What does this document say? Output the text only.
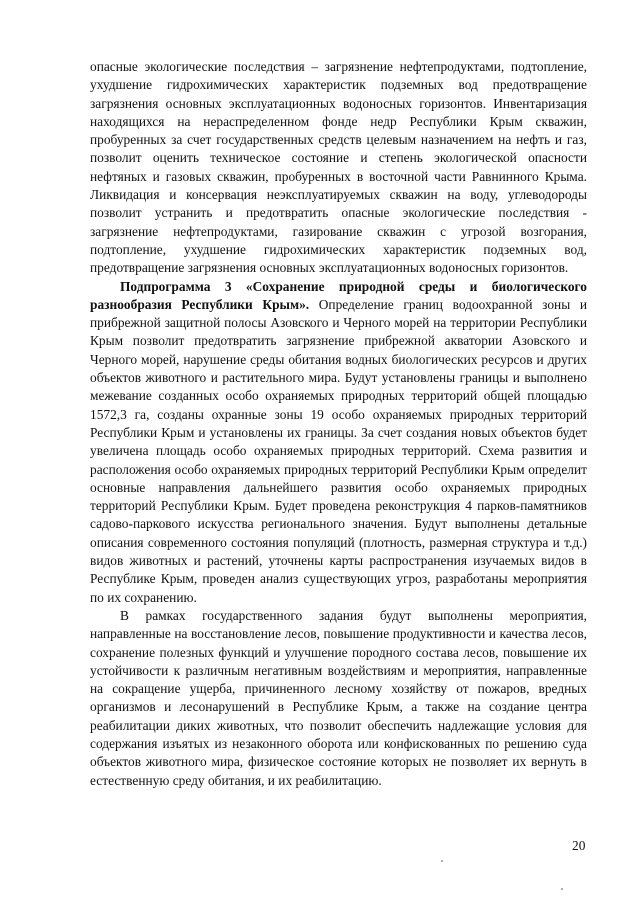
опасные экологические последствия – загрязнение нефтепродуктами, подтопление, ухудшение гидрохимических характеристик подземных вод предотвращение загрязнения основных эксплуатационных водоносных горизонтов. Инвентаризация находящихся на нераспределенном фонде недр Республики Крым скважин, пробуренных за счет государственных средств целевым назначением на нефть и газ, позволит оценить техническое состояние и степень экологической опасности нефтяных и газовых скважин, пробуренных в восточной части Равнинного Крыма. Ликвидация и консервация неэксплуатируемых скважин на воду, углеводороды позволит устранить и предотвратить опасные экологические последствия - загрязнение нефтепродуктами, газирование скважин с угрозой возгорания, подтопление, ухудшение гидрохимических характеристик подземных вод, предотвращение загрязнения основных эксплуатационных водоносных горизонтов.

Подпрограмма 3 «Сохранение природной среды и биологического разнообразия Республики Крым». Определение границ водоохранной зоны и прибрежной защитной полосы Азовского и Черного морей на территории Республики Крым позволит предотвратить загрязнение прибрежной акватории Азовского и Черного морей, нарушение среды обитания водных биологических ресурсов и других объектов животного и растительного мира. Будут установлены границы и выполнено межевание созданных особо охраняемых природных территорий общей площадью 1572,3 га, созданы охранные зоны 19 особо охраняемых природных территорий Республики Крым и установлены их границы. За счет создания новых объектов будет увеличена площадь особо охраняемых природных территорий. Схема развития и расположения особо охраняемых природных территорий Республики Крым определит основные направления дальнейшего развития особо охраняемых природных территорий Республики Крым. Будет проведена реконструкция 4 парков-памятников садово-паркового искусства регионального значения. Будут выполнены детальные описания современного состояния популяций (плотность, размерная структура и т.д.) видов животных и растений, уточнены карты распространения изучаемых видов в Республике Крым, проведен анализ существующих угроз, разработаны мероприятия по их сохранению.

В рамках государственного задания будут выполнены мероприятия, направленные на восстановление лесов, повышение продуктивности и качества лесов, сохранение полезных функций и улучшение породного состава лесов, повышение их устойчивости к различным негативным воздействиям и мероприятия, направленные на сокращение ущерба, причиненного лесному хозяйству от пожаров, вредных организмов и лесонарушений в Республике Крым, а также на создание центра реабилитации диких животных, что позволит обеспечить надлежащие условия для содержания изъятых из незаконного оборота или конфискованных по решению суда объектов животного мира, физическое состояние которых не позволяет их вернуть в естественную среду обитания, и их реабилитацию.

20
